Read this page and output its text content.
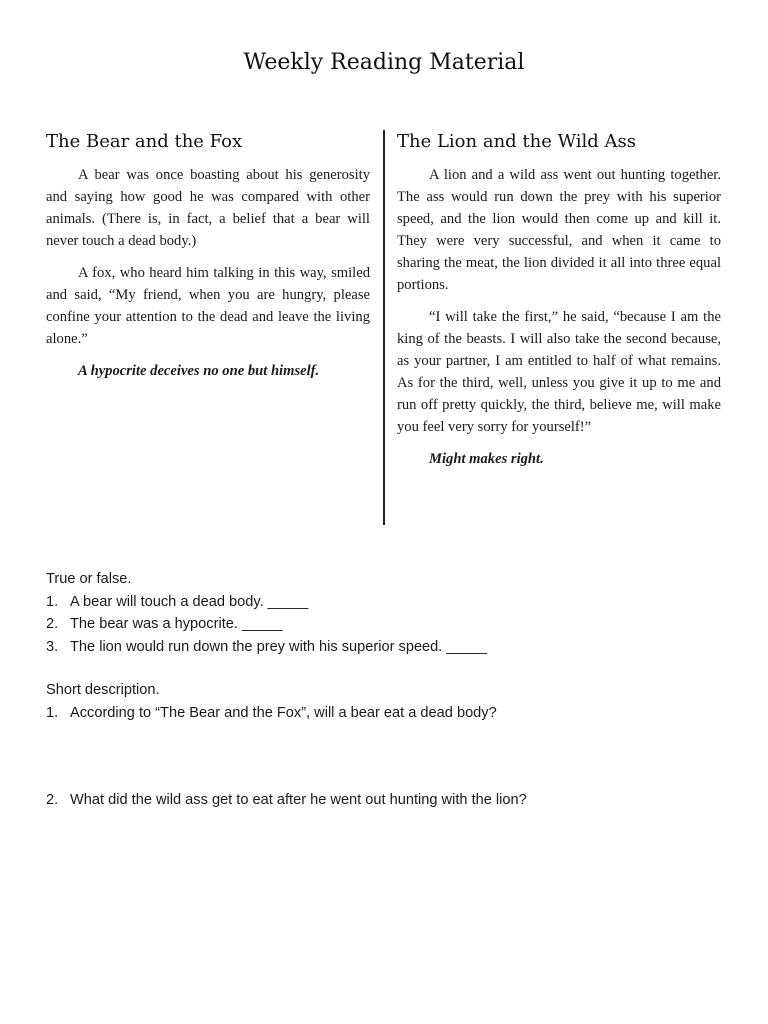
Weekly Reading Material
The Bear and the Fox

A bear was once boasting about his generosity and saying how good he was compared with other animals. (There is, in fact, a belief that a bear will never touch a dead body.)

A fox, who heard him talking in this way, smiled and said, “My friend, when you are hungry, please confine your attention to the dead and leave the living alone.”

A hypocrite deceives no one but himself.
The Lion and the Wild Ass

A lion and a wild ass went out hunting together. The ass would run down the prey with his superior speed, and the lion would then come up and kill it. They were very successful, and when it came to sharing the meat, the lion divided it all into three equal portions.

“I will take the first,” he said, “because I am the king of the beasts. I will also take the second because, as your partner, I am entitled to half of what remains. As for the third, well, unless you give it up to me and run off pretty quickly, the third, believe me, will make you feel very sorry for yourself!”

Might makes right.
True or false.
1. A bear will touch a dead body. _____
2. The bear was a hypocrite. _____
3. The lion would run down the prey with his superior speed. _____
Short description.
1. According to “The Bear and the Fox”, will a bear eat a dead body?
2. What did the wild ass get to eat after he went out hunting with the lion?
